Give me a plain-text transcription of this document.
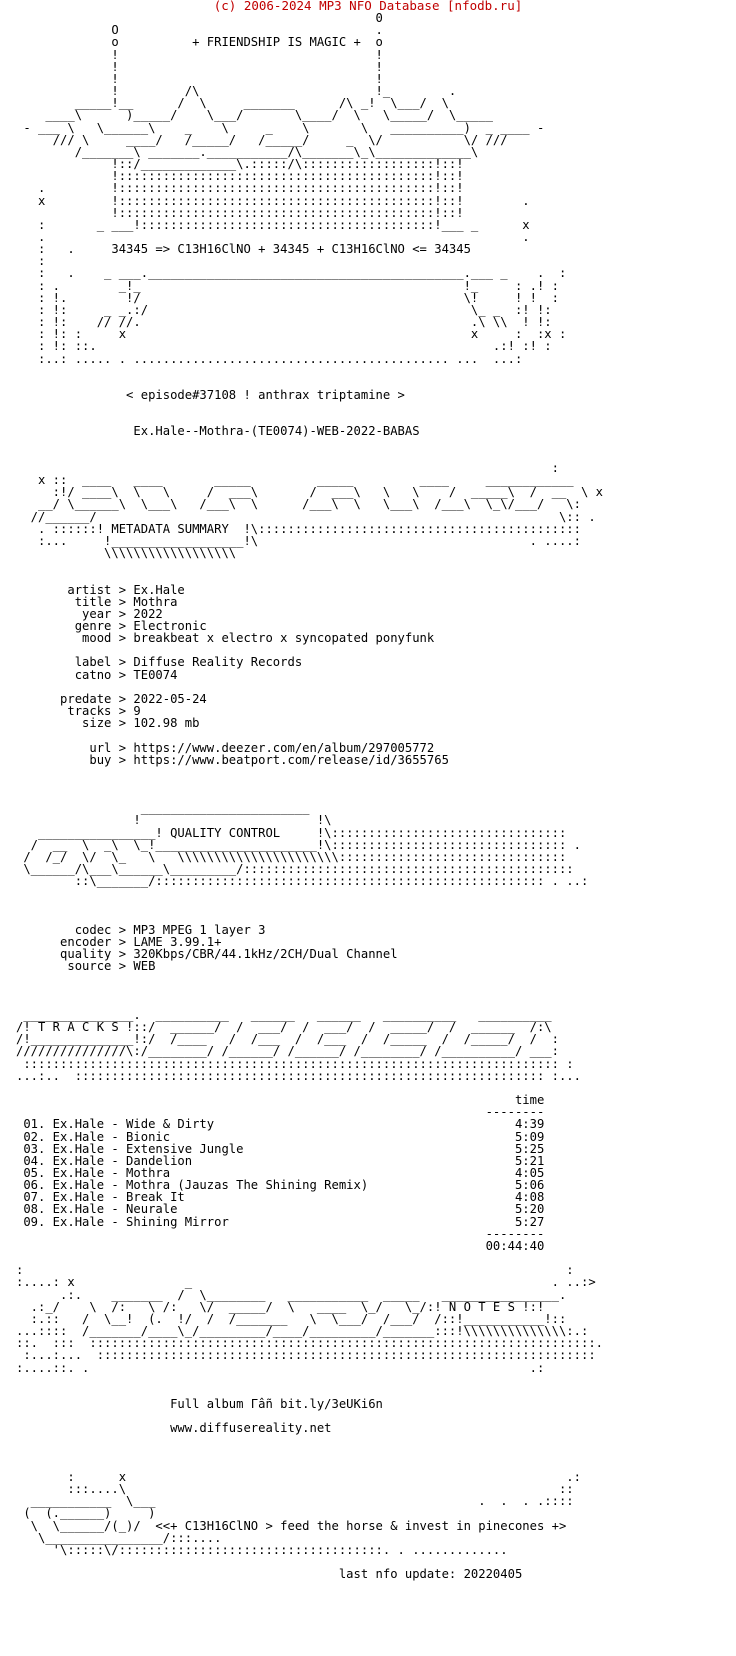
(c) 2006-2024 MP3 NFO Database [nfodb.ru]

0
O                                   .
o          + FRIENDSHIP IS MAGIC +  o
!                                   !
!                                   !
!                                   !
!         /\                        !_        .
_____!__      /  \     _______      /\ _!  \___/  \
____\      )_____/    \___/       \____/  \   \_____/  \_____
- ___ \   \______\    _    \     _    \       \   __________)  _ ____ -
/// \     ____/   /_____/   /_____/     _  \/           \/ ///
/_______\ _______.___________/\_______\_\_____________\
!::/_____________\.:::::/\::::::::::::::::::!::!
!:::::::::::::::::::::::::::::::::::::::::::!::!
.         !:::::::::::::::::::::::::::::::::::::::::::!::!
x         !:::::::::::::::::::::::::::::::::::::::::::!::!        .
!:::::::::::::::::::::::::::::::::::::::::::!::!
:       _ ___!::::::::::::::::::::::::::::::::::::::::!___ _      x
.                                                                 .
:   .     34345 => C13H16ClNO + 34345 + C13H16ClNO <= 34345
:
:   .    _ ___.___________________________________________.___ _    .  :
: .        _!_                                            !_     : .! :
: !.        !/                                            \!     ! !  :
: !:     _ _.:/                                            \_ _  :! !:
: !:    // //.                                             .\ \\  ! !:
: !: :     x                                               x     :  :x :
: !: ::.                                                      .:! :! :
:..: ..... . ........................................... ...  ...:

< episode#37108 ! anthrax triptamine >

Ex.Hale--Mothra-(TE0074)-WEB-2022-BABAS

:
x ::  ____   ____       _____         _____         ____     ____________
:!/ ____\  \   \     /  ___\       /  ___\   \   \    /  _____\  /  __  \ x
__/ \______\  \___\   /___\  \      /___\  \   \___\  /___\  \_\/___/   \:
//______/                                                               \:: .
. ::::::! METADATA SUMMARY  !\::::::::::::::::::::::::::::::::::::::::::::
:...     !__________________!\                                     . ....:
\\\\\\\\\\\\\\\\\\

artist > Ex.Hale
title > Mothra
year > 2022
genre > Electronic
mood > breakbeat x electro x syncopated ponyfunk

label > Diffuse Reality Records
catno > TE0074

predate > 2022-05-24
tracks > 9
size > 102.98 mb

url > https://www.deezer.com/en/album/297005772
buy > https://www.beatport.com/release/id/3655765

_______________________
!                        !\
________________! QUALITY CONTROL     !\::::::::::::::::::::::::::::::::
/  __  \  _\  \_!______________________!\:::::::::::::::::::::::::::::::: .
/  /_/  \/  \_   \   \\\\\\\\\\\\\\\\\\\\\\:::::::::::::::::::::::::::::::
\______/\___\______\_________/:::::::::::::::::::::::::::::::::::::::::::::
::\_______/::::::::::::::::::::::::::::::::::::::::::::::::::::: . ..:

codec > MP3 MPEG 1 layer 3
encoder > LAME 3.99.1+
quality > 320Kbps/CBR/44.1kHz/2CH/Dual Channel
source > WEB

_______________.  __________   ______   ______   __________   __________
/! T R A C K S !::/  ______/  /  ___/  /  ___/  /  _____/  /  ______  /:\
/!______________!:/  /____   /  /___  /  /___  /  /_____  /  /_____/  /  :
///////////////\:/________/ /______/ /______/ /________/ /__________/ ___:
::::::::::::::::::::::::::::::::::::::::::::::::::::::::::::::::::::::::: :
...:..  :::::::::::::::::::::::::::::::::::::::::::::::::::::::::::::::: :...

time
--------
01. Ex.Hale - Wide & Dirty                                         4:39
02. Ex.Hale - Bionic                                               5:09
03. Ex.Hale - Extensive Jungle                                     5:25
04. Ex.Hale - Dandelion                                            5:21
05. Ex.Hale - Mothra                                               4:05
06. Ex.Hale - Mothra (Jauzas The Shining Remix)                    5:06
07. Ex.Hale - Break It                                             4:08
08. Ex.Hale - Neurale                                              5:20
09. Ex.Hale - Shining Mirror                                       5:27
--------
00:44:40

:                                                                          :
:....: x               _                                                 . ..:>
.:.    _______  /  \________   ___________  _____   ________________.
.:_/    \  /:   \ /:   \/  _____/  \   ____  \_/   \_/:! N O T E S !:!
:.::   /  \__!  (.  !/  /  /_______   \  \___/  /___/  /::!___________!::
...::::  /_______/____\_/_________/____/_________/_______:::!\\\\\\\\\\\\\\:.:
::.  :::  :::::::::::::::::::::::::::::::::::::::::::::::::::::::::::::::::::::.
:...:...  ::::::::::::::::::::::::::::::::::::::::::::::::::::::::::::::::::::
:....::. .                                                            .:

Full album Гâñ bit.ly/3eUKi6n

www.diffusereality.net

:      x                                                            .:
:::....\                                                           ::
___________  \___                                            .  .  . .::::
(  (.______)     )
\  \______/(_)/  <<+ C13H16ClNO > feed the horse & invest in pinecones +>
\________________/:::....
'\:::::\/::::::::::::::::::::::::::::::::::::. . .............

last nfo update: 20220405
